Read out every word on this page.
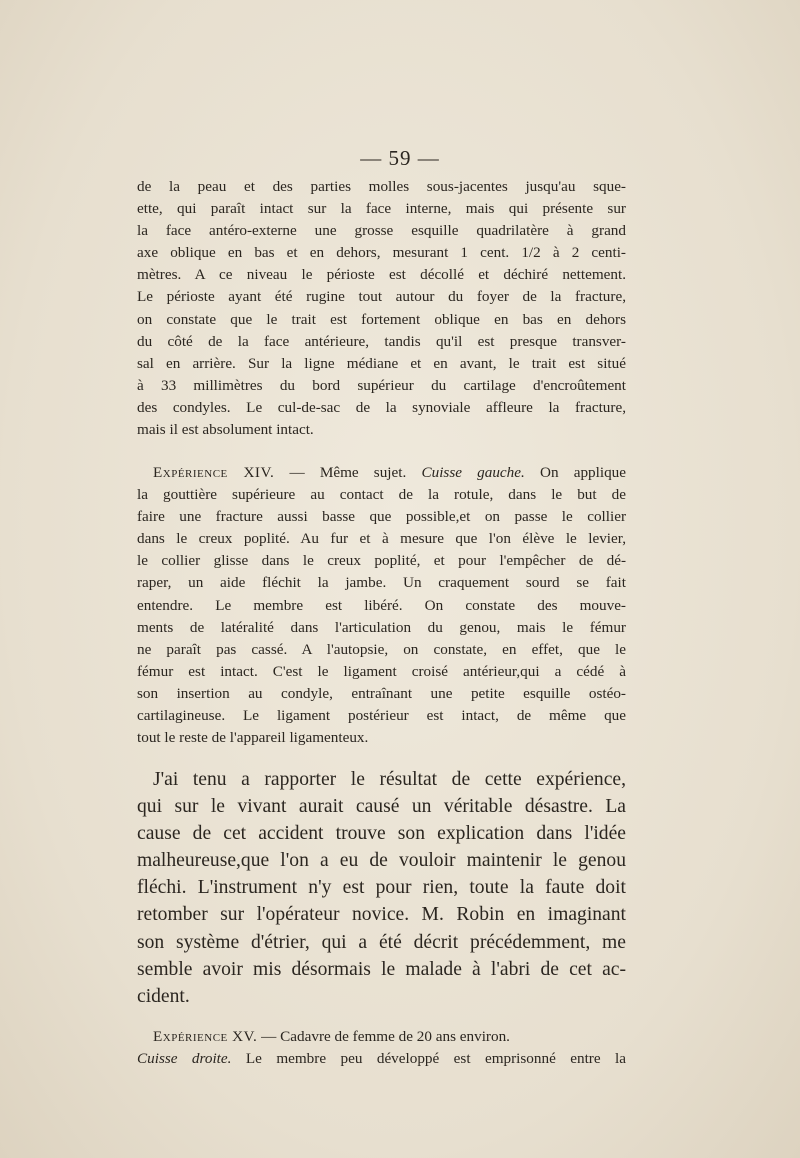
— 59 —

de la peau et des parties molles sous-jacentes jusqu'au sque-

ette, qui paraît intact sur la face interne, mais qui présente sur

la face antéro-externe une grosse esquille quadrilatère à grand

axe oblique en bas et en dehors, mesurant 1 cent. 1/2 à 2 centi-

mètres. A ce niveau le périoste est décollé et déchiré nettement.

Le périoste ayant été rugine tout autour du foyer de la fracture,

on constate que le trait est fortement oblique en bas en dehors

du côté de la face antérieure, tandis qu'il est presque transver-

sal en arrière. Sur la ligne médiane et en avant, le trait est situé

à 33 millimètres du bord supérieur du cartilage d'encroûtement

des condyles. Le cul-de-sac de la synoviale affleure la fracture,

mais il est absolument intact.

Expérience XIV. — Même sujet. Cuisse gauche. On applique

la gouttière supérieure au contact de la rotule, dans le but de

faire une fracture aussi basse que possible,et on passe le collier

dans le creux poplité. Au fur et à mesure que l'on élève le levier,

le collier glisse dans le creux poplité, et pour l'empêcher de dé-

raper, un aide fléchit la jambe. Un craquement sourd se fait

entendre. Le membre est libéré. On constate des mouve-

ments de latéralité dans l'articulation du genou, mais le fémur

ne paraît pas cassé. A l'autopsie, on constate, en effet, que le

fémur est intact. C'est le ligament croisé antérieur,qui a cédé à

son insertion au condyle, entraînant une petite esquille ostéo-

cartilagineuse. Le ligament postérieur est intact, de même que

tout le reste de l'appareil ligamenteux.

J'ai tenu a rapporter le résultat de cette expérience,

qui sur le vivant aurait causé un véritable désastre. La

cause de cet accident trouve son explication dans l'idée

malheureuse,que l'on a eu de vouloir maintenir le genou

fléchi. L'instrument n'y est pour rien, toute la faute doit

retomber sur l'opérateur novice. M. Robin en imaginant

son système d'étrier, qui a été décrit précédemment, me

semble avoir mis désormais le malade à l'abri de cet ac-

cident.

Expérience XV. — Cadavre de femme de 20 ans environ.

Cuisse droite. Le membre peu développé est emprisonné entre la
